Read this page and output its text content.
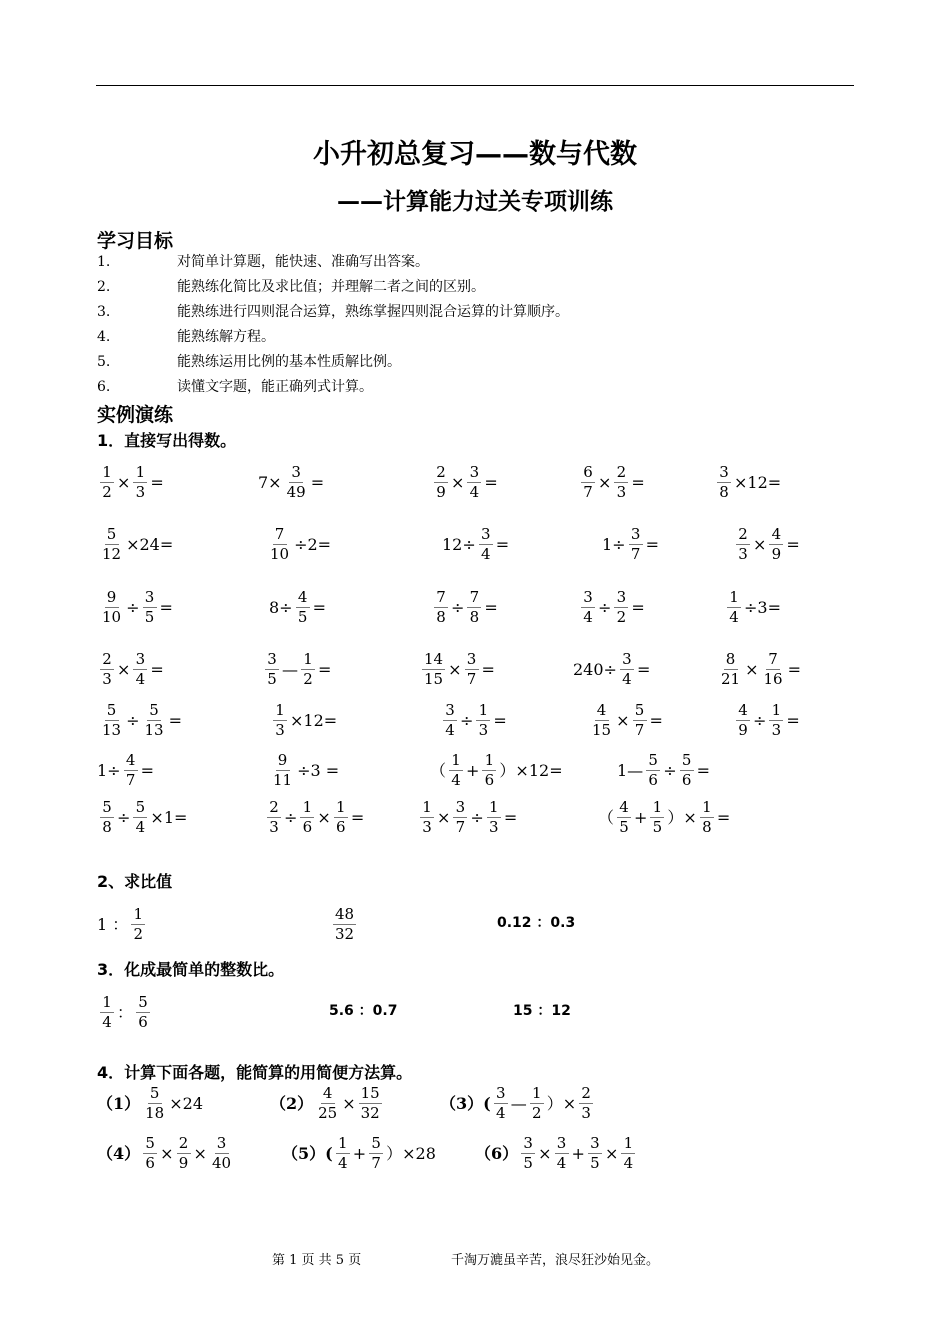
小升初总复习——数与代数
——计算能力过关专项训练
学习目标
1.	对简单计算题，能快速、准确写出答案。
2.	能熟练化简比及求比值；并理解二者之间的区别。
3.	能熟练进行四则混合运算，熟练掌握四则混合运算的计算顺序。
4.	能熟练解方程。
5.	能熟练运用比例的基本性质解比例。
6.	读懂文字题，能正确列式计算。
实例演练
1．直接写出得数。
$\frac{1}{2} \times \frac{1}{3}$ =	$7\times \frac{3}{49}$ =	$\frac{2}{9} \times \frac{3}{4}$ =	$\frac{6}{7} \times \frac{2}{3}$ =	$\frac{3}{8} \times 12=$
$\frac{5}{12} \times 24=$	$\frac{7}{10} \div 2=$	$12\div \frac{3}{4}$ =	$1\div \frac{3}{7}$ =	$\frac{2}{3} \times \frac{4}{9}$ =
$\frac{9}{10} \div \frac{3}{5}$ =	$8\div \frac{4}{5}$ =	$\frac{7}{8} \div \frac{7}{8}$ =	$\frac{3}{4} \div \frac{3}{2}$ =	$\frac{1}{4} \div 3=$
$\frac{2}{3} \times \frac{3}{4}$ =	$\frac{3}{5}$ — $\frac{1}{2}$ =	$\frac{14}{15} \times \frac{3}{7}$ =	$240\div \frac{3}{4}$ =	$\frac{8}{21} \times \frac{7}{16}$ =
$\frac{5}{13} \div \frac{5}{13}$ =	$\frac{1}{3} \times 12=$	$\frac{3}{4} \div \frac{1}{3}$ =	$\frac{4}{15} \times \frac{5}{7}$ =	$\frac{4}{9} \div \frac{1}{3}$ =
$1\div \frac{4}{7}$ =	$\frac{9}{11} \div 3$ =	（ $\frac{1}{4} + \frac{1}{6} )\times 12=$	1— $\frac{5}{6} \div \frac{5}{6}$ =
$\frac{5}{8} \div \frac{5}{4} \times 1=$	$\frac{2}{3} \div \frac{1}{6} \times \frac{1}{6}$ =	$\frac{1}{3} \times \frac{3}{7} \div \frac{1}{3}$ =	（ $\frac{4}{5} + \frac{1}{5}$ ）× $\frac{1}{8}$ =
2、求比值
1 ： $\frac{1}{2}$	$\frac{48}{32}$	0.12 ：0.3
3．化成最简单的整数比。
$\frac{1}{4}$ ： $\frac{5}{6}$	5.6 ：0.7	15 ：12
4．计算下面各题，能简算的用简便方法算。
$(1) \frac{5}{18} \times 24$	$(2) \frac{4}{25} \times \frac{15}{32}$	$(3)( \frac{3}{4}$ — $\frac{1}{2}$ ）× $\frac{2}{3}$
$(4) \frac{5}{6} \times \frac{2}{9} \times \frac{3}{40}$	$(5)( \frac{1}{4} + \frac{5}{7} )\times 28$ $(6) \frac{3}{5} \times \frac{3}{4} + \frac{3}{5} \times \frac{1}{4}$
第 1 页 共 5 页	千淘万漉虽辛苦，浪尽狂沙始见金。
